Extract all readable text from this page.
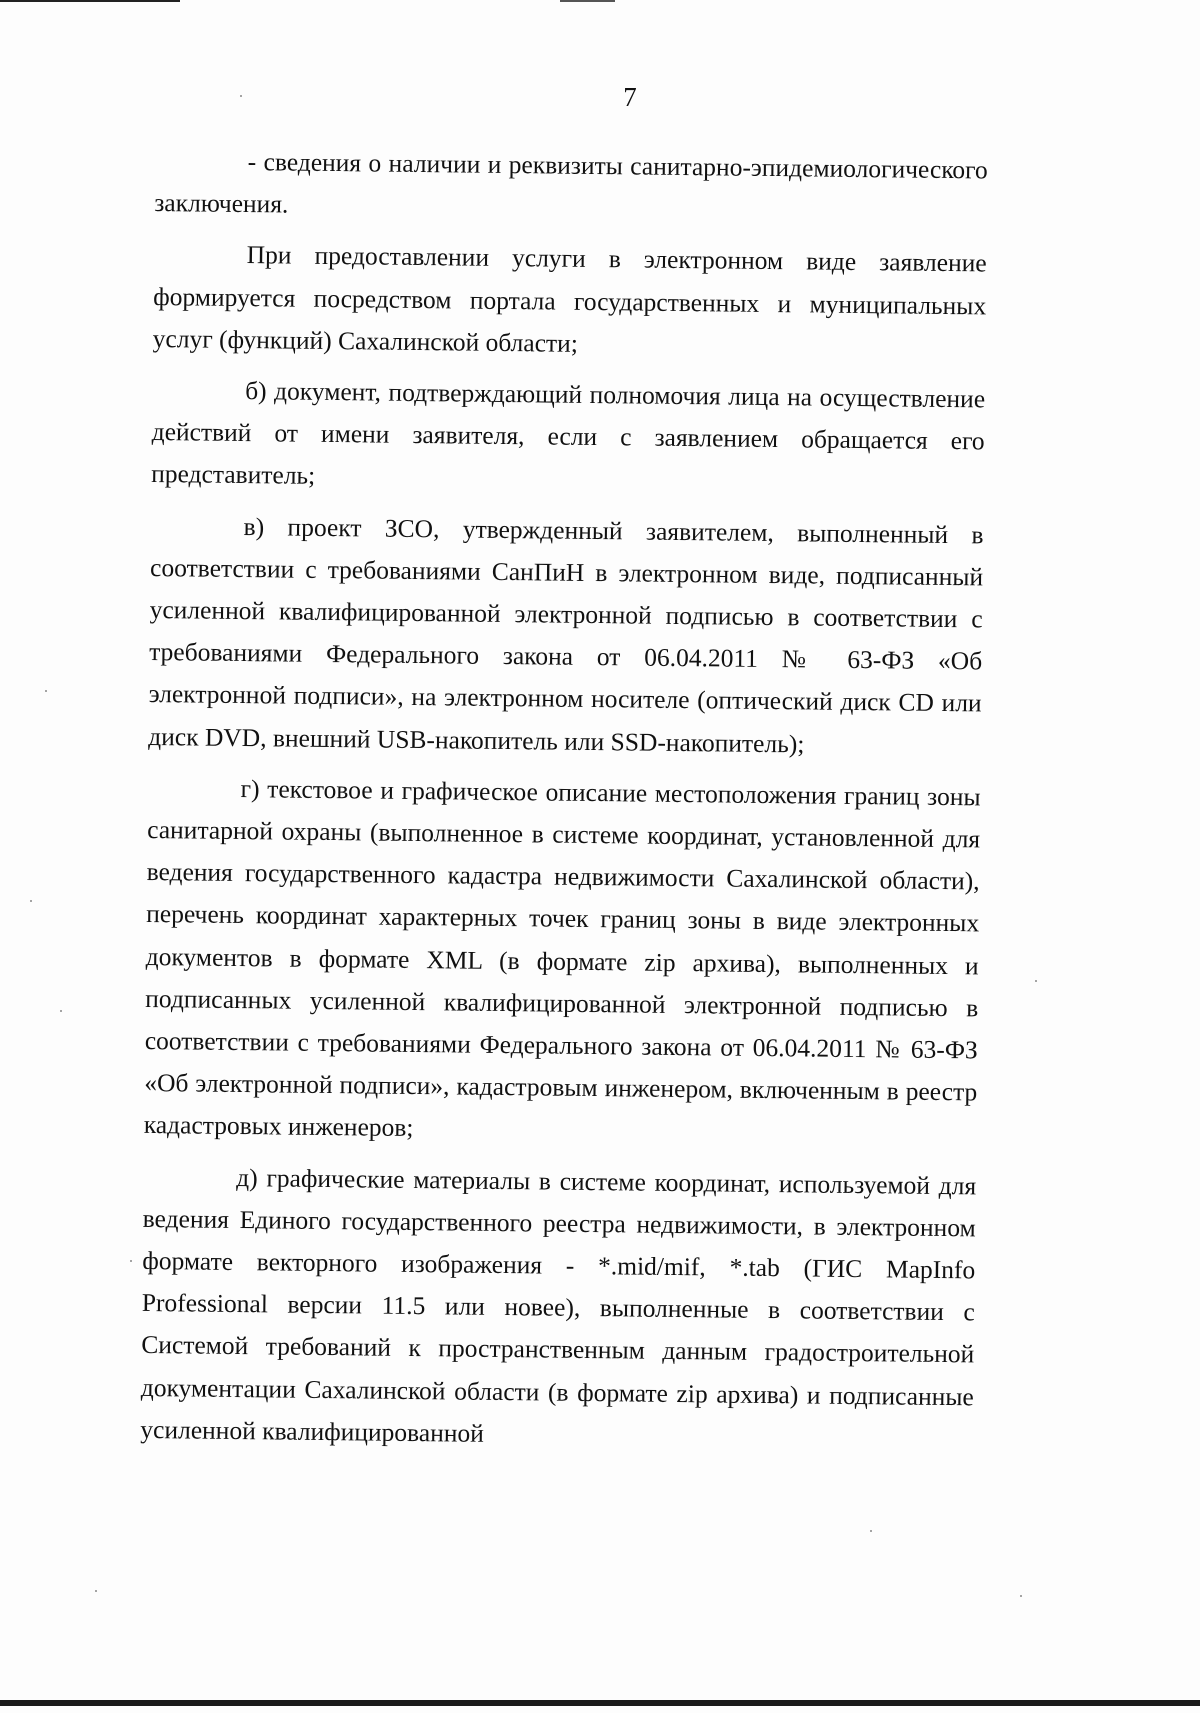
7

- сведения о наличии и реквизиты санитарно-эпидемиологического заключения.

При предоставлении услуги в электронном виде заявление формируется посредством портала государственных и муниципальных услуг (функций) Сахалинской области;

б) документ, подтверждающий полномочия лица на осуществление действий от имени заявителя, если с заявлением обращается его представитель;

в) проект ЗСО, утвержденный заявителем, выполненный в соответствии с требованиями СанПиН в электронном виде, подписанный усиленной квалифицированной электронной подписью в соответствии с требованиями Федерального закона от 06.04.2011 № 63-ФЗ «Об электронной подписи», на электронном носителе (оптический диск CD или диск DVD, внешний USB-накопитель или SSD-накопитель);

г) текстовое и графическое описание местоположения границ зоны санитарной охраны (выполненное в системе координат, установленной для ведения государственного кадастра недвижимости Сахалинской области), перечень координат характерных точек границ зоны в виде электронных документов в формате XML (в формате zip архива), выполненных и подписанных усиленной квалифицированной электронной подписью в соответствии с требованиями Федерального закона от 06.04.2011 № 63-ФЗ «Об электронной подписи», кадастровым инженером, включенным в реестр кадастровых инженеров;

д) графические материалы в системе координат, используемой для ведения Единого государственного реестра недвижимости, в электронном формате векторного изображения - *.mid/mif, *.tab (ГИС MapInfo Professional версии 11.5 или новее), выполненные в соответствии с Системой требований к пространственным данным градостроительной документации Сахалинской области (в формате zip архива) и подписанные усиленной квалифицированной
